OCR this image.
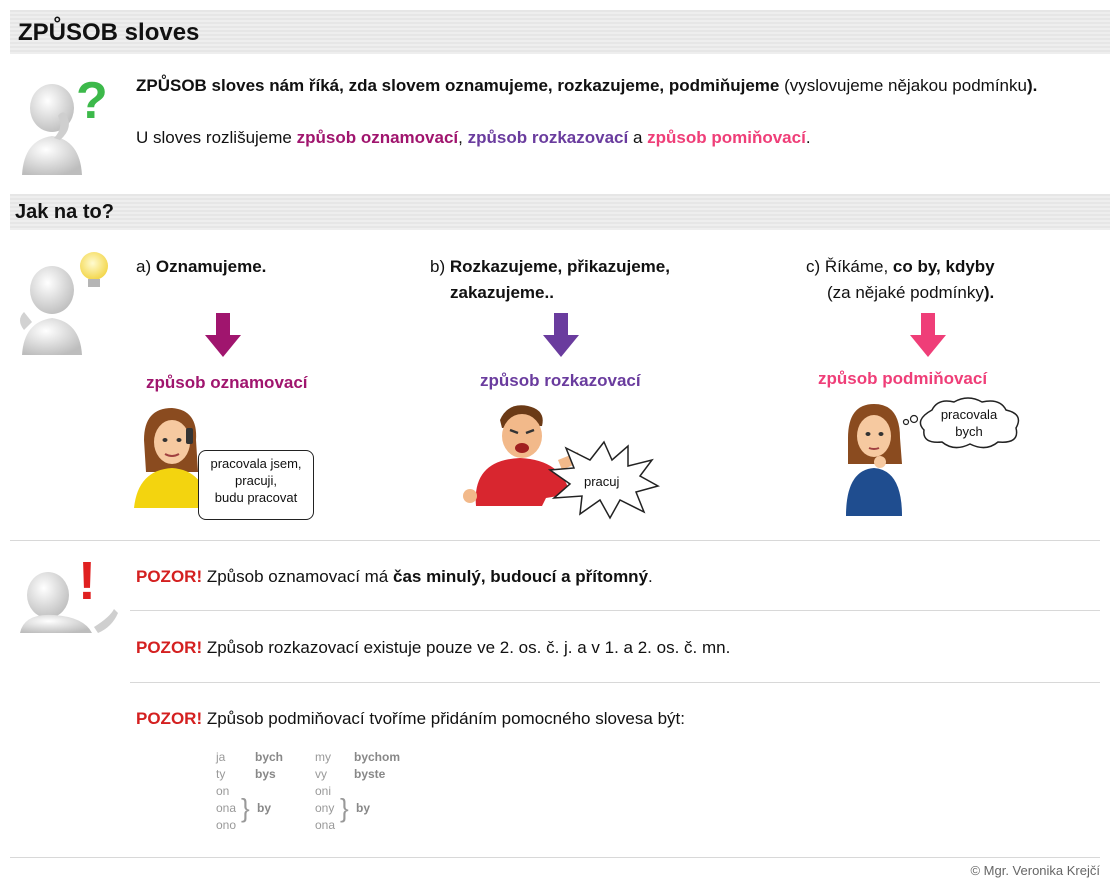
ZPŮSOB sloves
? ZPŮSOB sloves nám říká, zda slovem oznamujeme, rozkazujeme, podmiňujeme (vyslovujeme nějakou podmínku).
U sloves rozlišujeme způsob oznamovací, způsob rozkazovací a způsob pomiňovací.
Jak na to?
a) Oznamujeme.
způsob oznamovací
pracovala jsem,
pracuji,
budu pracovat
b) Rozkazujeme, přikazujeme,
zakazujeme..
způsob rozkazovací
pracuj
c) Říkáme, co by, kdyby
(za nějaké podmínky).
způsob podmiňovací
pracovala
bych
! POZOR! Způsob oznamovací má čas minulý, budoucí a přítomný.
POZOR! Způsob rozkazovací existuje pouze ve 2. os. č. j. a v 1. a 2. os. č. mn.
POZOR! Způsob podmiňovací tvoříme přidáním pomocného slovesa být:
ja bych
ty bys
on
ona
ono
} by
my bychom
vy byste
oni
ony
ona
} by
© Mgr. Veronika Krejčí
